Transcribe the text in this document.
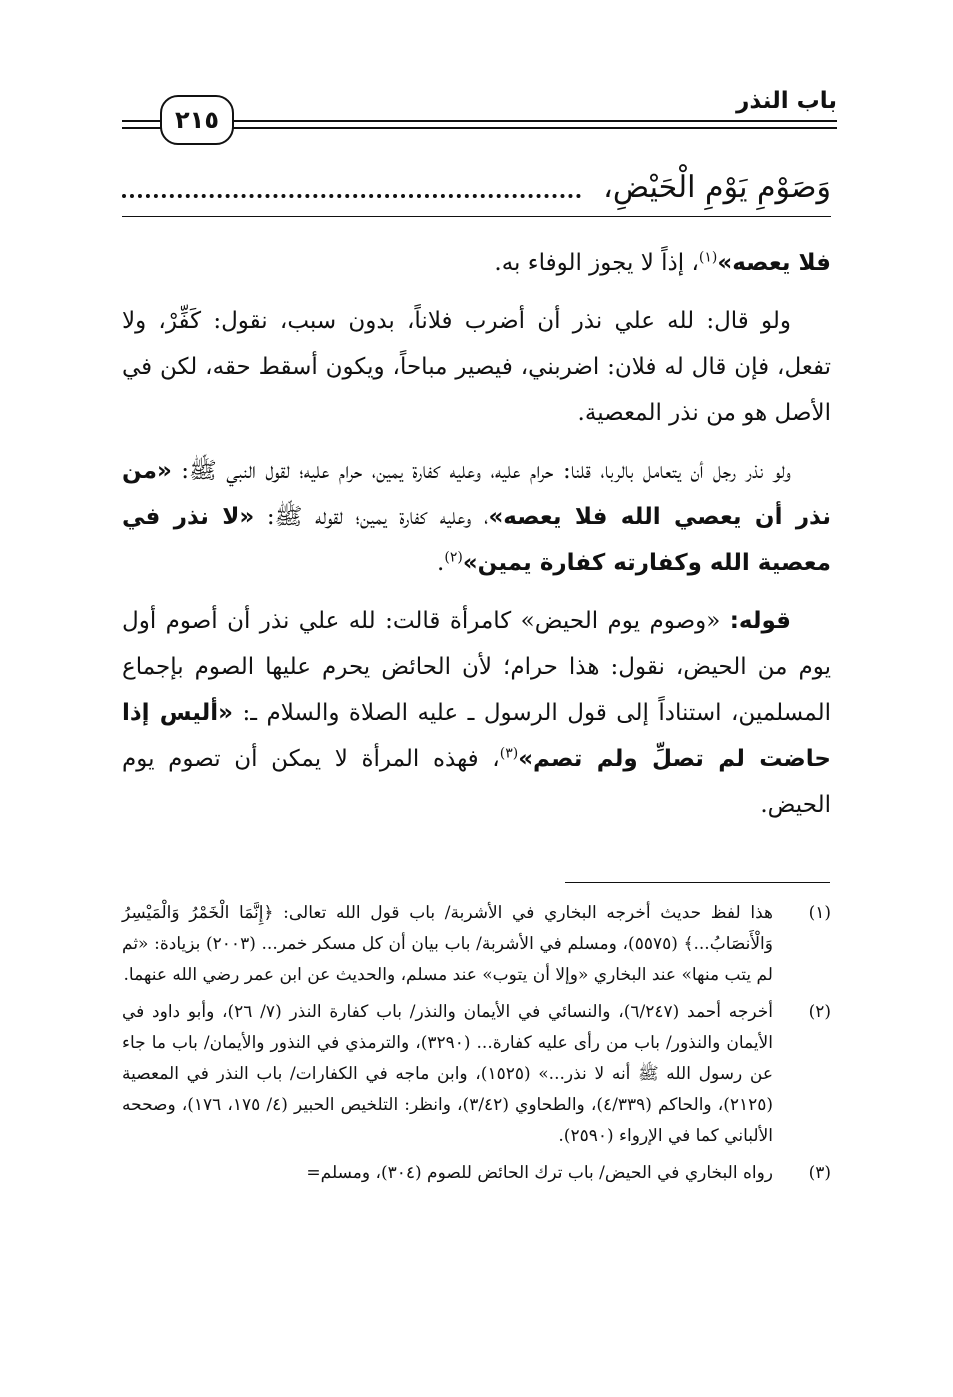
باب النذر
٢١٥
وَصَوْمِ يَوْمِ الْحَيْضِ،

فلا يعصه»$^{(١)}$، إذاً لا يجوز الوفاء به.

ولو قال: لله علي نذر أن أضرب فلاناً، بدون سبب، نقول: كَفِّرْ، ولا تفعل، فإن قال له فلان: اضربني، فيصير مباحاً، ويكون أسقط حقه، لكن في الأصل هو من نذر المعصية.

ولو نذر رجل أن يتعامل بالربا، قلنا: حرام عليه، وعليه كفارة يمين، حرام عليه؛ لقول النبي ﷺ: «من نذر أن يعصي الله فلا يعصه»، وعليه كفارة يمين؛ لقوله ﷺ: «لا نذر في معصية الله وكفارته كفارة يمين»$^{(٢)}$.

قوله: «وصوم يوم الحيض» كامرأة قالت: لله علي نذر أن أصوم أول يوم من الحيض، نقول: هذا حرام؛ لأن الحائض يحرم عليها الصوم بإجماع المسلمين، استناداً إلى قول الرسول ـ عليه الصلاة والسلام ـ: «أليس إذا حاضت لم تصلِّ ولم تصم»$^{(٣)}$، فهذه المرأة لا يمكن أن تصوم يوم الحيض.

(١)
هذا لفظ حديث أخرجه البخاري في الأشربة/ باب قول الله تعالى: ﴿إِنَّمَا الْخَمْرُ وَالْمَيْسِرُ وَالْأَنصَابُ...﴾ (٥٥٧٥)، ومسلم في الأشربة/ باب بيان أن كل مسكر خمر... (٢٠٠٣) بزيادة: «ثم لم يتب منها» عند البخاري «وإلا أن يتوب» عند مسلم، والحديث عن ابن عمر رضي الله عنهما.
(٢)
أخرجه أحمد (٦/٢٤٧)، والنسائي في الأيمان والنذر/ باب كفارة النذر (٧/ ٢٦)، وأبو داود في الأيمان والنذور/ باب من رأى عليه كفارة... (٣٢٩٠)، والترمذي في النذور والأيمان/ باب ما جاء عن رسول الله ﷺ أنه لا نذر...» (١٥٢٥)، وابن ماجه في الكفارات/ باب النذر في المعصية (٢١٢٥)، والحاكم (٤/٣٣٩)، والطحاوي (٣/٤٢)، وانظر: التلخيص الحبير (٤/ ١٧٥، ١٧٦)، وصححه الألباني كما في الإرواء (٢٥٩٠).
(٣)
رواه البخاري في الحيض/ باب ترك الحائض للصوم (٣٠٤)، ومسلم=
